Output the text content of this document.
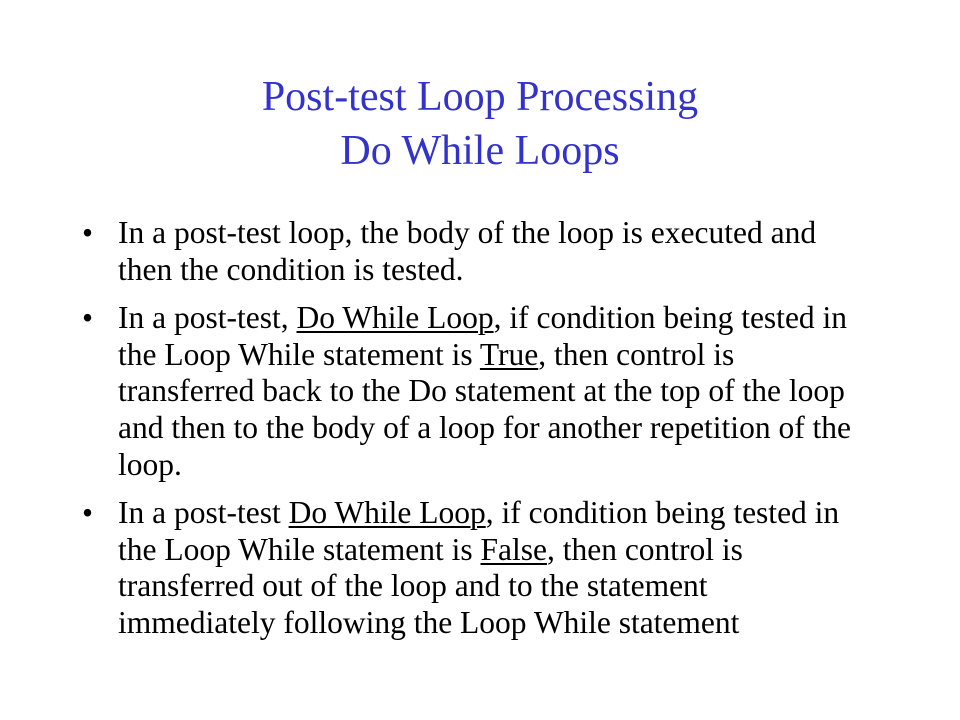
Post-test Loop Processing
Do While Loops
• In a post-test loop, the body of the loop is executed and then the condition is tested.
• In a post-test, Do While Loop, if condition being tested in the Loop While statement is True, then control is transferred back to the Do statement at the top of the loop and then to the body of a loop for another repetition of the loop.
• In a post-test Do While Loop, if condition being tested in the Loop While statement is False, then control is transferred out of the loop and to the statement immediately following the Loop While statement
